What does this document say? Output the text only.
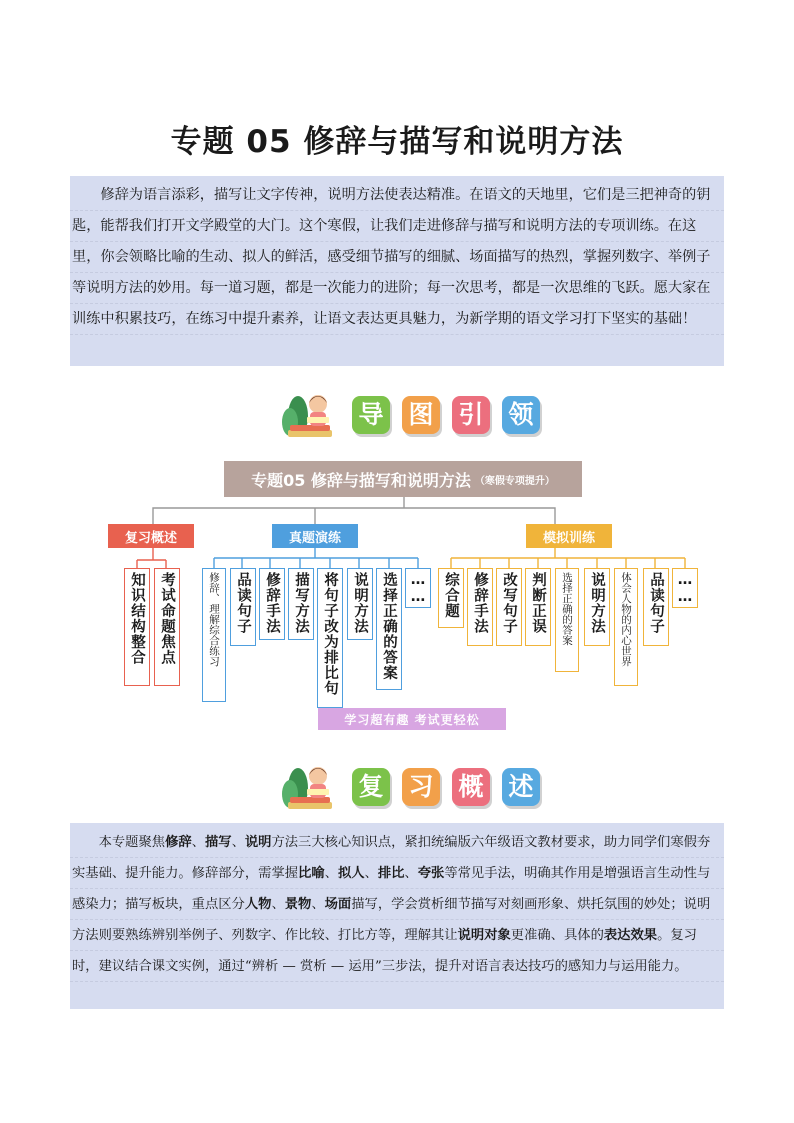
专题 05 修辞与描写和说明方法
修辞为语言添彩，描写让文字传神，说明方法使表达精准。在语文的天地里，它们是三把神奇的钥匙，能帮我们打开文学殿堂的大门。这个寒假，让我们走进修辞与描写和说明方法的专项训练。在这里，你会领略比喻的生动、拟人的鲜活，感受细节描写的细腻、场面描写的热烈，掌握列数字、举例子等说明方法的妙用。每一道习题，都是一次能力的进阶；每一次思考，都是一次思维的飞跃。愿大家在训练中积累技巧，在练习中提升素养，让语文表达更具魅力，为新学期的语文学习打下坚实的基础！
导 图 引 领
专题05 修辞与描写和说明方法 （寒假专项提升）
复习概述	真题演练	模拟训练
知识结构整合 考试命题焦点	修辞、理解综合练习	品读句子 修辞手法 描写方法 将句子改为排比句 说明方法 选择正确的答案 ……	综合题 修辞手法 改写句子 判断正误	选择正确的答案	说明方法	体会人物的内心世界	品读句子 ……
学习超有趣 考试更轻松
复 习 概 述
本专题聚焦修辞、描写、说明方法三大核心知识点，紧扣统编版六年级语文教材要求，助力同学们寒假夯实基础、提升能力。修辞部分，需掌握比喻、拟人、排比、夸张等常见手法，明确其作用是增强语言生动性与感染力；描写板块，重点区分人物、景物、场面描写，学会赏析细节描写对刻画形象、烘托氛围的妙处；说明方法则要熟练辨别举例子、列数字、作比较、打比方等，理解其让说明对象更准确、具体的表达效果。复习时，建议结合课文实例，通过“辨析 — 赏析 — 运用”三步法，提升对语言表达技巧的感知力与运用能力。
